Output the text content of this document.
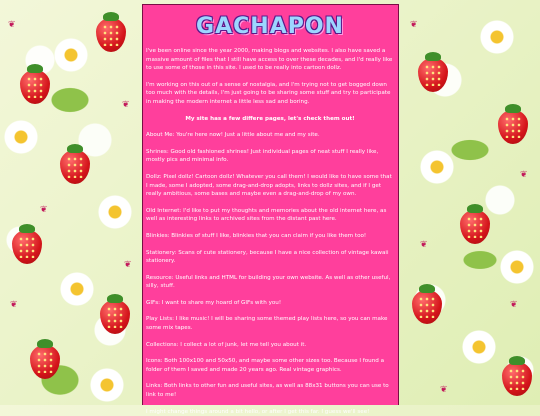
❦
❦
❦
❦
❦
❦
❦
❦
❦
❦
GACHAPON

I've been online since the year 2000, making blogs and websites. I also have saved a massive amount of files that I still have access to over these decades, and I'd really like to use some of those in this site. I used to be really into cartoon dollz.

I'm working on this out of a sense of nostalgia, and I'm trying not to get bogged down too much with the details, I'm just going to be sharing some stuff and try to participate in making the modern internet a little less sad and boring.

My site has a few differe pages, let's check them out!

About Me: You're here now! Just a little about me and my site.

Shrines: Good old fashioned shrines! Just individual pages of neat stuff I really like, mostly pics and minimal info.

Dollz: Pixel dollz! Cartoon dollz! Whatever you call them! I would like to have some that I made, some I adopted, some drag-and-drop adopts, links to dollz sites, and if I get really ambitious, some bases and maybe even a drag-and-drop of my own.

Old Internet: I'd like to put my thoughts and memories about the old internet here, as well as interesting links to archived sites from the distant past here.

Blinkies: Blinkies of stuff I like, blinkies that you can claim if you like them too!

Stationery: Scans of cute stationery, because I have a nice collection of vintage kawaii stationery.

Resource: Useful links and HTML for building your own website. As well as other useful, silly, stuff.

GIFs: I want to share my hoard of GIFs with you!

Play Lists: I like music! I will be sharing some themed play lists here, so you can make some mix tapes.

Collections: I collect a lot of junk, let me tell you about it.

Icons: Both 100x100 and 50x50, and maybe some other sizes too. Because I found a folder of them I saved and made 20 years ago. Real vintage graphics.

Links: Both links to other fun and useful sites, as well as 88x31 buttons you can use to link to me!

I might change things around a bit hello, or after I get this far. I guess we'll see!
